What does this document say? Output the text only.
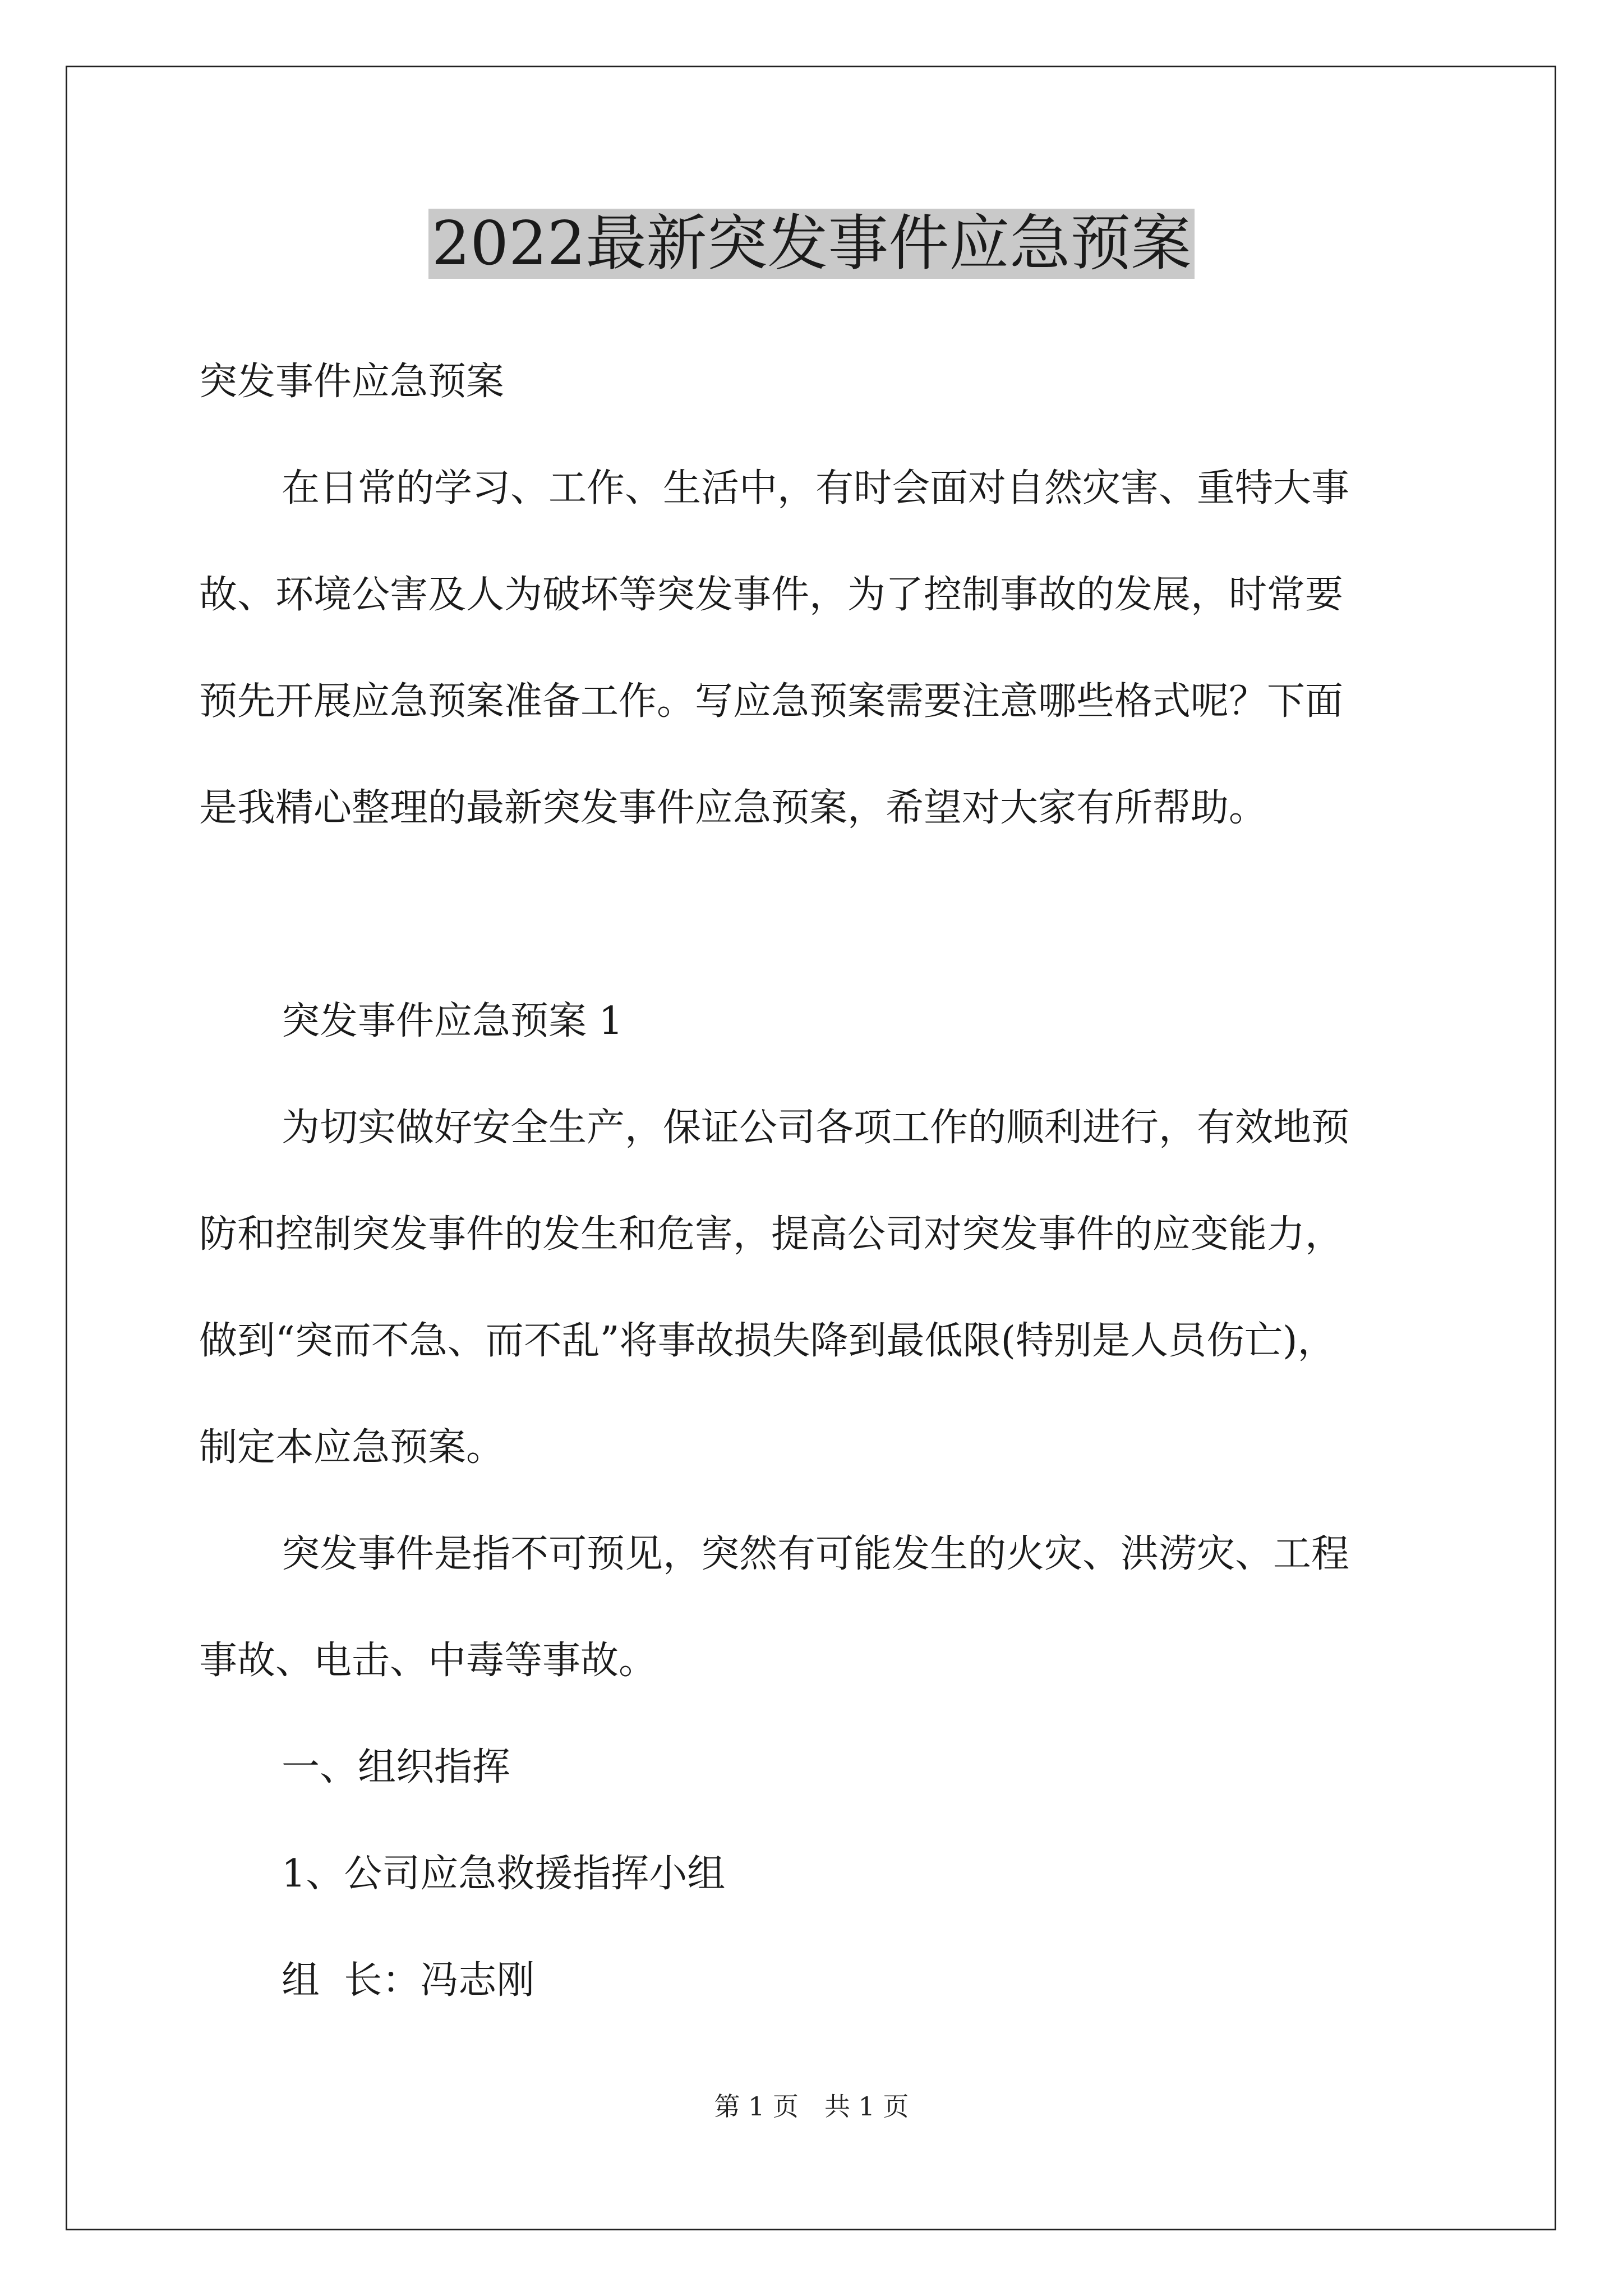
2022最新突发事件应急预案

突发事件应急预案

在日常的学习、工作、生活中，有时会面对自然灾害、重特大事

故、环境公害及人为破坏等突发事件，为了控制事故的发展，时常要

预先开展应急预案准备工作。写应急预案需要注意哪些格式呢？下面

是我精心整理的最新突发事件应急预案，希望对大家有所帮助。

突发事件应急预案 1

为切实做好安全生产，保证公司各项工作的顺利进行，有效地预

防和控制突发事件的发生和危害，提高公司对突发事件的应变能力，

做到“突而不急、而不乱”将事故损失降到最低限(特别是人员伤亡)，

制定本应急预案。

突发事件是指不可预见，突然有可能发生的火灾、洪涝灾、工程

事故、电击、中毒等事故。

一、组织指挥

1、公司应急救援指挥小组

组  长：冯志刚

第 1 页　共 1 页
